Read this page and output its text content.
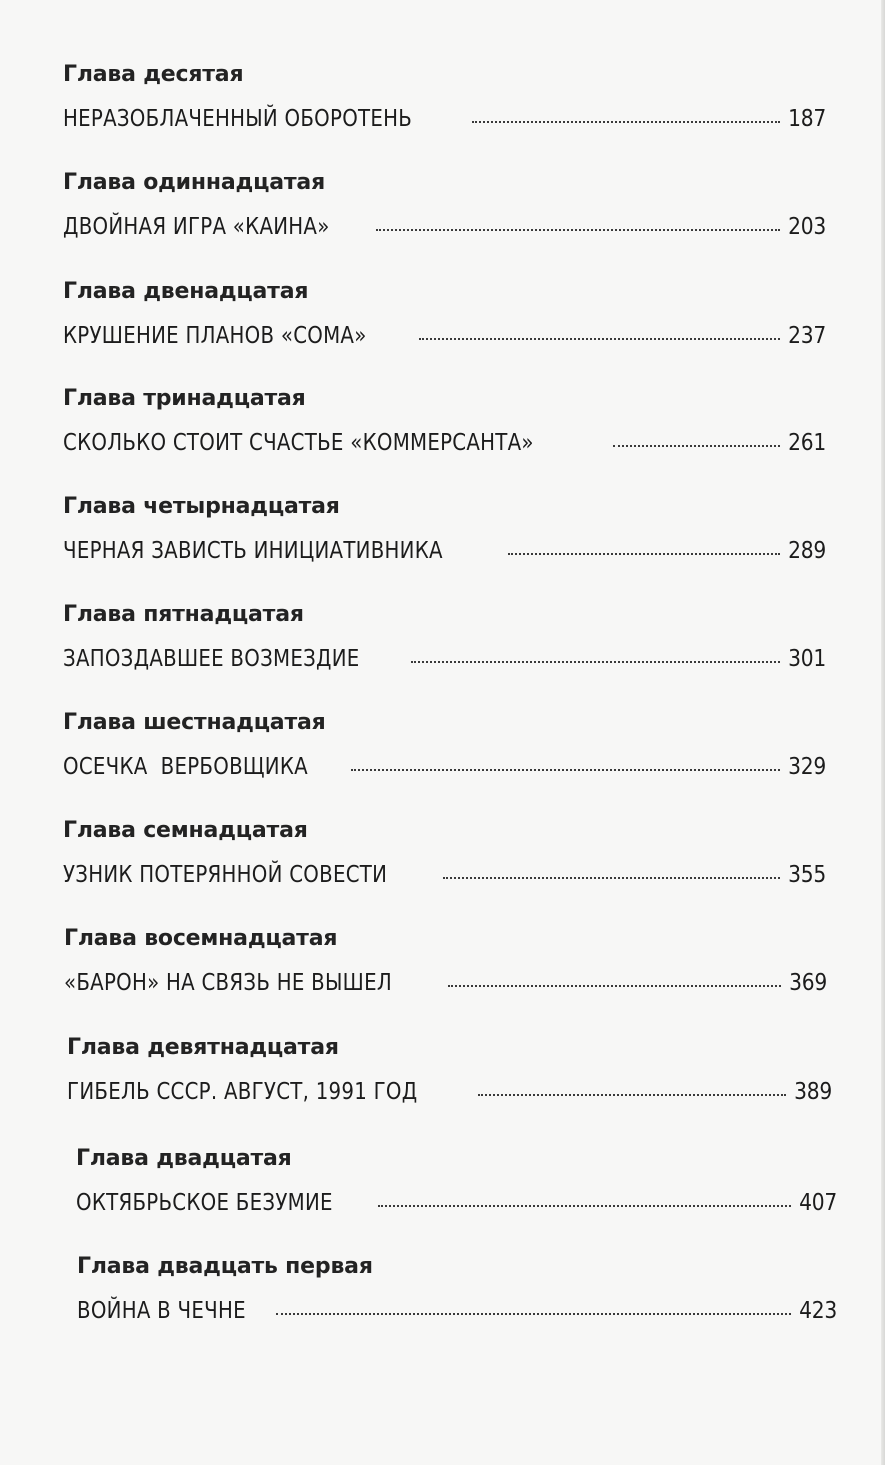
Глава десятая
НЕРАЗОБЛАЧЕННЫЙ ОБОРОТЕНЬ	187
Глава одиннадцатая
ДВОЙНАЯ ИГРА «КАИНА»	203
Глава двенадцатая
КРУШЕНИЕ ПЛАНОВ «СОМА»	237
Глава тринадцатая
СКОЛЬКО СТОИТ СЧАСТЬЕ «КОММЕРСАНТА»	261
Глава четырнадцатая
ЧЕРНАЯ ЗАВИСТЬ ИНИЦИАТИВНИКА	289
Глава пятнадцатая
ЗАПОЗДАВШЕЕ ВОЗМЕЗДИЕ	301
Глава шестнадцатая
ОСЕЧКА  ВЕРБОВЩИКА	329
Глава семнадцатая
УЗНИК ПОТЕРЯННОЙ СОВЕСТИ	355
Глава восемнадцатая
«БАРОН» НА СВЯЗЬ НЕ ВЫШЕЛ	369
Глава девятнадцатая
ГИБЕЛЬ СССР. АВГУСТ, 1991 ГОД	389
Глава двадцатая
ОКТЯБРЬСКОЕ БЕЗУМИЕ	407
Глава двадцать первая
ВОЙНА В ЧЕЧНЕ	423
